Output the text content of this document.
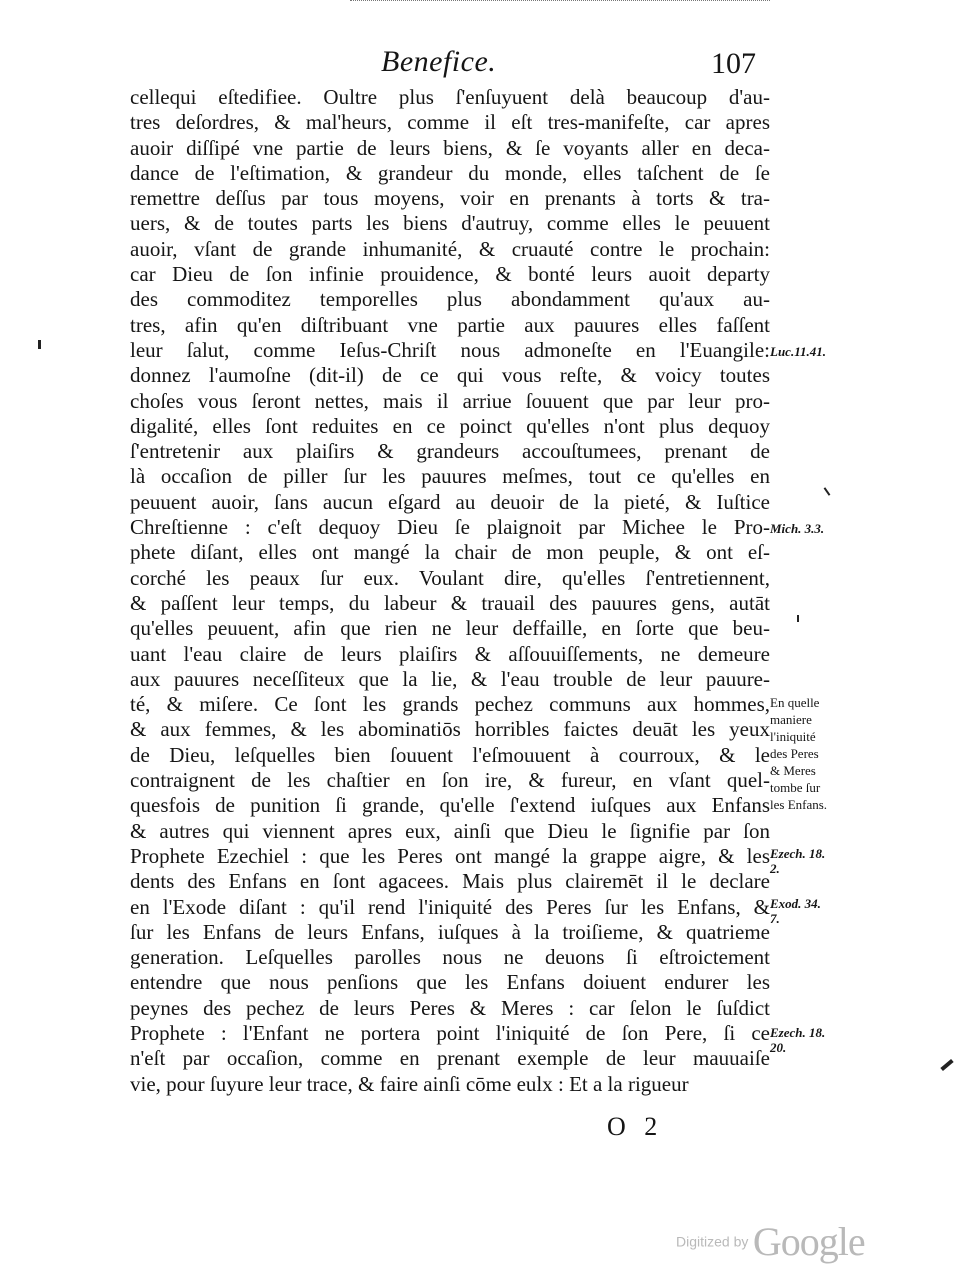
Benefice.	107
cellequi eſtedifiee. Oultre plus ſ'enſuyuent delà beaucoup d'au-
tres deſordres, & mal'heurs, comme il eſt tres-manifeſte, car apres
auoir diſſipé vne partie de leurs biens, & ſe voyants aller en deca-
dance de l'eſtimation, & grandeur du monde, elles taſchent de ſe
remettre deſſus par tous moyens, voir en prenants à torts & tra-
uers, & de toutes parts les biens d'autruy, comme elles le peuuent
auoir, vſant de grande inhumanité, & cruauté contre le prochain:
car Dieu de ſon infinie prouidence, & bonté leurs auoit departy
des commoditez temporelles plus abondamment qu'aux au-
tres, afin qu'en diſtribuant vne partie aux pauures elles faſſent
leur ſalut, comme Ieſus-Chriſt nous admoneſte en l'Euangile:
donnez l'aumoſne (dit-il) de ce qui vous reſte, & voicy toutes
choſes vous ſeront nettes, mais il arriue ſouuent que par leur pro-
digalité, elles ſont reduites en ce poinct qu'elles n'ont plus dequoy
ſ'entretenir aux plaiſirs & grandeurs accouſtumees, prenant de
là occaſion de piller ſur les pauures meſmes, tout ce qu'elles en
peuuent auoir, ſans aucun eſgard au deuoir de la pieté, & Iuſtice
Chreſtienne : c'eſt dequoy Dieu ſe plaignoit par Michee le Pro-
phete diſant, elles ont mangé la chair de mon peuple, & ont eſ-
corché les peaux ſur eux. Voulant dire, qu'elles ſ'entretiennent,
& paſſent leur temps, du labeur & trauail des pauures gens, autāt
qu'elles peuuent, afin que rien ne leur deffaille, en ſorte que beu-
uant l'eau claire de leurs plaiſirs & aſſouuiſſements, ne demeure
aux pauures neceſſiteux que la lie, & l'eau trouble de leur pauure-
té, & miſere. Ce ſont les grands pechez communs aux hommes,
& aux femmes, & les abominatiōs horribles faictes deuāt les yeux
de Dieu, leſquelles bien ſouuent l'eſmouuent à courroux, & le
contraignent de les chaſtier en ſon ire, & fureur, en vſant quel-
quesfois de punition ſi grande, qu'elle ſ'extend iuſques aux Enfans
& autres qui viennent apres eux, ainſi que Dieu le ſignifie par ſon
Prophete Ezechiel : que les Peres ont mangé la grappe aigre, & les
dents des Enfans en ſont agacees. Mais plus clairemēt il le declare
en l'Exode diſant : qu'il rend l'iniquité des Peres ſur les Enfans, &
ſur les Enfans de leurs Enfans, iuſques à la troiſieme, & quatrieme
generation. Leſquelles parolles nous ne deuons ſi eſtroictement
entendre que nous penſions que les Enfans doiuent endurer les
peynes des pechez de leurs Peres & Meres : car ſelon le ſuſdict
Prophete : l'Enfant ne portera point l'iniquité de ſon Pere, ſi ce
n'eſt par occaſion, comme en prenant exemple de leur mauuaiſe
vie, pour ſuyure leur trace, & faire ainſi cōme eulx : Et a la rigueur
Luc.11.41.
Mich. 3.3.
En quelle
maniere
l'iniquité
des Peres
& Meres
tombe ſur
les Enfans.
Ezech. 18.
2.
Exod. 34.
7.
Ezech. 18.
20.
O 2
Digitized by Google
